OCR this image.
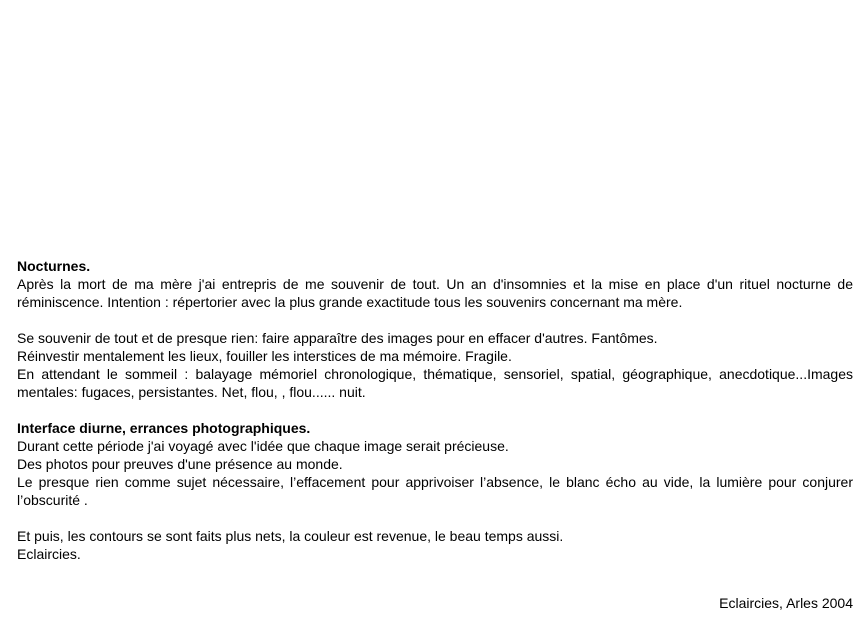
Nocturnes.

Après la mort de ma mère j'ai entrepris de me souvenir de tout. Un an d'insomnies et la mise en place d'un rituel nocturne de réminiscence. Intention : répertorier avec la plus grande exactitude tous les souvenirs concernant ma mère.

Se souvenir de tout et de presque rien: faire apparaître des images pour en effacer d'autres. Fantômes.

Réinvestir mentalement les lieux, fouiller les interstices de ma mémoire. Fragile.

En attendant le sommeil : balayage mémoriel chronologique, thématique, sensoriel, spatial, géographique, anecdotique...Images mentales: fugaces, persistantes. Net, flou, , flou...... nuit.

Interface diurne, errances photographiques.

Durant cette période j'ai voyagé avec l'idée que chaque image serait précieuse.

Des photos pour preuves d'une présence au monde.

Le presque rien comme sujet nécessaire, l’effacement pour apprivoiser l’absence, le blanc écho au vide, la lumière pour conjurer l’obscurité .

Et puis, les contours se sont faits plus nets, la couleur est revenue, le beau temps aussi.

Eclaircies.

Eclaircies, Arles 2004
